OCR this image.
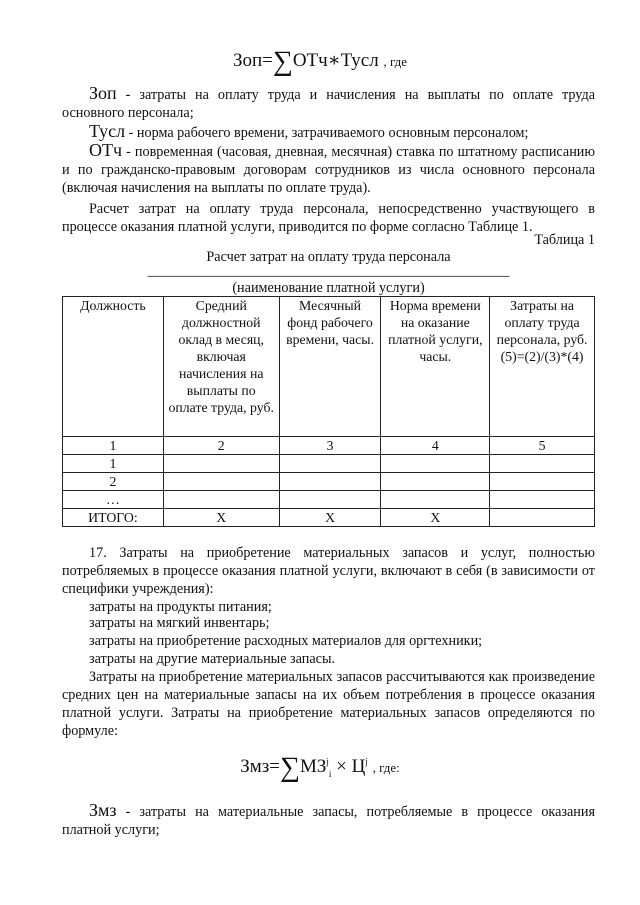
Зоп=∑ОТч∗Тусл , где

Зоп - затраты на оплату труда и начисления на выплаты по оплате труда основного персонала;

Тусл - норма рабочего времени, затрачиваемого основным персоналом;

ОТч - повременная (часовая, дневная, месячная) ставка по штатному расписанию и по гражданско-правовым договорам сотрудников из числа основного персонала (включая начисления на выплаты по оплате труда).

Расчет затрат на оплату труда персонала, непосредственно участвующего в процессе оказания платной услуги, приводится по форме согласно Таблице 1.

Таблица 1

Расчет затрат на оплату труда персонала

___________________________________________________

(наименование платной услуги)

Должность	Средний должностной оклад в месяц, включая начисления на выплаты по оплате труда, руб.	Месячный фонд рабочего времени, часы.	Норма времени на оказание платной услуги, часы.	Затраты на оплату труда персонала, руб. (5)=(2)/(3)*(4)
1	2	3	4	5
1				
2				
…				
ИТОГО:	X	X	X	

17. Затраты на приобретение материальных запасов и услуг, полностью потребляемых в процессе оказания платной услуги, включают в себя (в зависимости от специфики учреждения):

затраты на продукты питания;

затраты на мягкий инвентарь;

затраты на приобретение расходных материалов для оргтехники;

затраты на другие материальные запасы.

Затраты на приобретение материальных запасов рассчитываются как произведение средних цен на материальные запасы на их объем потребления в процессе оказания платной услуги. Затраты на приобретение материальных запасов определяются по формуле:

$Змз=\sum МЗ^j_i \times Ц^j$ , где:

Змз - затраты на материальные запасы, потребляемые в процессе оказания платной услуги;
